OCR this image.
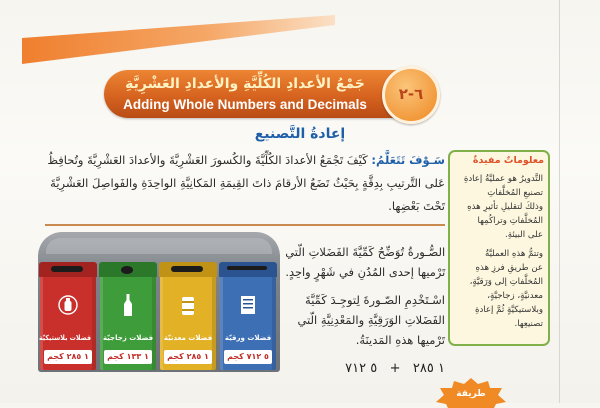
جَمْعُ الأعدادِ الكُلِّيَّةِ والأعدادِ العَشْرِيَّةِ
Adding Whole Numbers and Decimals
٦-٢
إعادةُ التَّصنيع
سَـوْفَ تَتَعَلَّمُ: كَيْفَ تَجْمَعُ الأعدادَ الكُلِّيَّةَ والكُسورَ العَشْرِيَّةَ والأعدادَ العَشْرِيَّةَ وتُحافِظُ
عَلى التَّرتيبِ بِدِقَّةٍ بِحَيْثُ تَضَعُ الأرقامَ ذاتَ القِيمَةِ المَكانِيَّةِ الواحِدَةِ والفَواصِلَ العَشْرِيَّةَ
تَحْتَ بَعْضِها.
معلوماتٌ مفيدةٌ
التَّدويرُ هو عمليَّةُ إعادةِ
تصنيعِ المُخلَّفاتِ
وذلكَ لتقليلِ تأثيرِ هذهِ
المُخلَّفاتِ وتراكُمِها
على البيئةِ.
وتتمُّ هذهِ العمليَّةُ
عن طريقِ فرزِ هذهِ
المُخلَّفاتِ إلى وَرَقيَّةٍ،
معدنيَّةٍ، زجاجيَّةٍ،
وبلاستيكيَّةٍ ثُمَّ إعادةِ
تصنيعِها.
فضلات بلاستيكيّة
١ ٢٨٥ كجم
فضلات زجاجيّة
١ ١٣٣ كجم
فضلات معدنيّة
١ ٢٨٥ كجم
فضلات ورقيّة
٥ ٧١٢ كجم
الصُّـورةُ تُوَضِّحُ كَمِّيَّةَ الفَضَلاتِ الّتي
تَرْميها إحدى المُدُنِ في شَهْرٍ واحِدٍ.
اسْـتَخْدِمِ الصّـورةَ لِتوجِـدَ كَمِّيَّةَ
الفَضَلاتِ الوَرَقِيَّةِ والمَعْدِنِيَّةِ الّتي
تَرْميها هذهِ المَدينَةُ.
١ ٢٨٥   +   ٥ ٧١٢
طريقة
